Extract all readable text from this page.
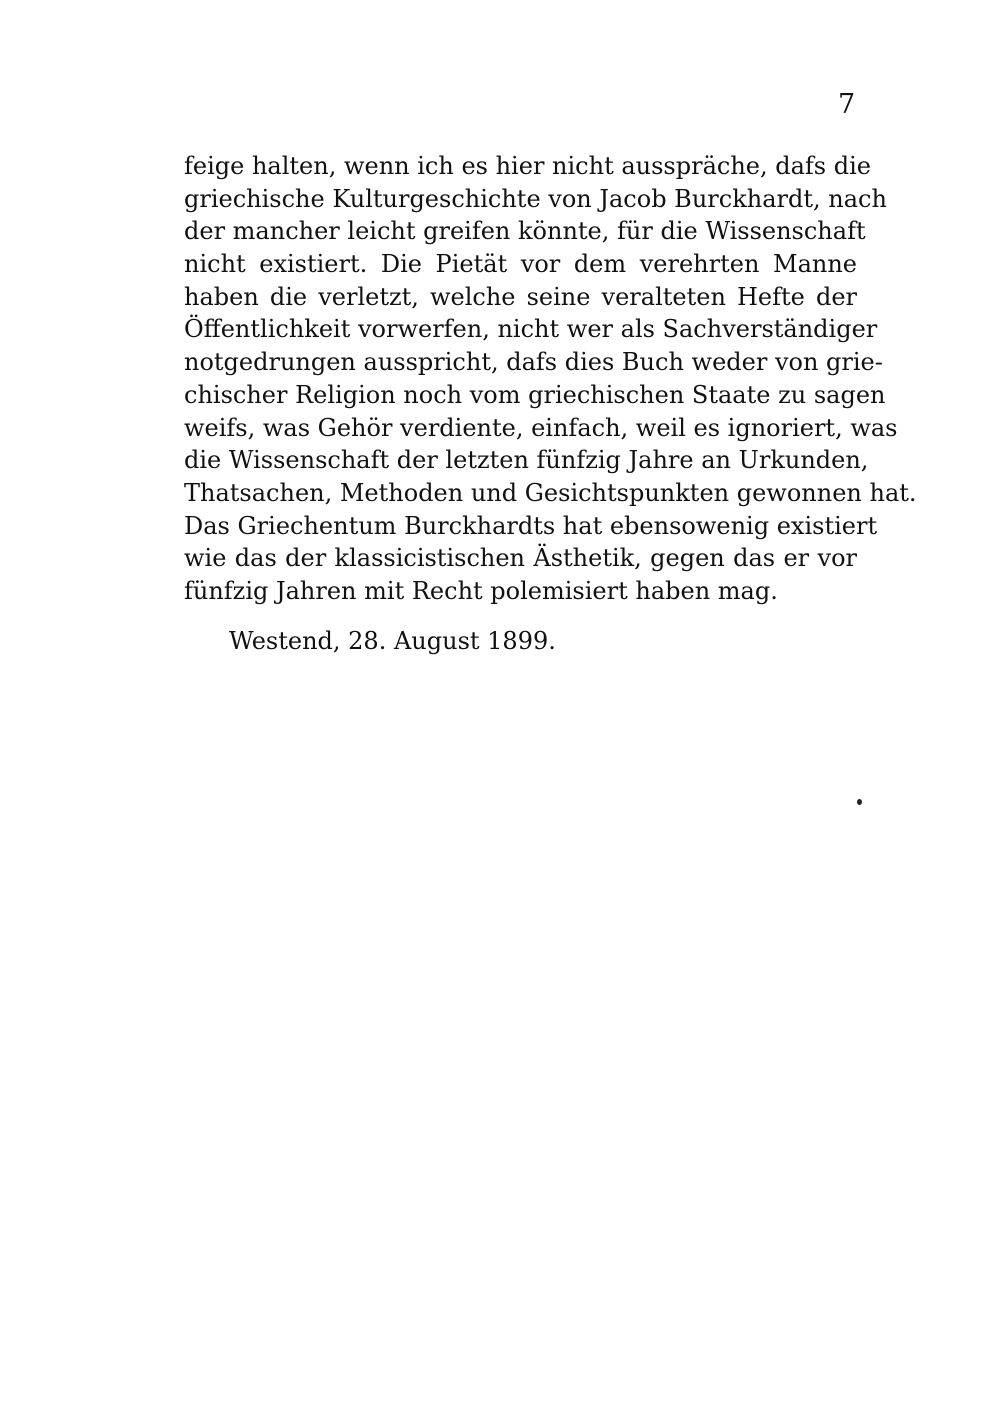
7
feige halten, wenn ich es hier nicht ausspräche, dafs die
griechische Kulturgeschichte von Jacob Burckhardt, nach
der mancher leicht greifen könnte, für die Wissenschaft
nicht existiert. Die Pietät vor dem verehrten Manne
haben die verletzt, welche seine veralteten Hefte der
Öffentlichkeit vorwerfen, nicht wer als Sachverständiger
notgedrungen ausspricht, dafs dies Buch weder von grie-
chischer Religion noch vom griechischen Staate zu sagen
weifs, was Gehör verdiente, einfach, weil es ignoriert, was
die Wissenschaft der letzten fünfzig Jahre an Urkunden,
Thatsachen, Methoden und Gesichtspunkten gewonnen hat.
Das Griechentum Burckhardts hat ebensowenig existiert
wie das der klassicistischen Ästhetik, gegen das er vor
fünfzig Jahren mit Recht polemisiert haben mag.
Westend, 28. August 1899.
